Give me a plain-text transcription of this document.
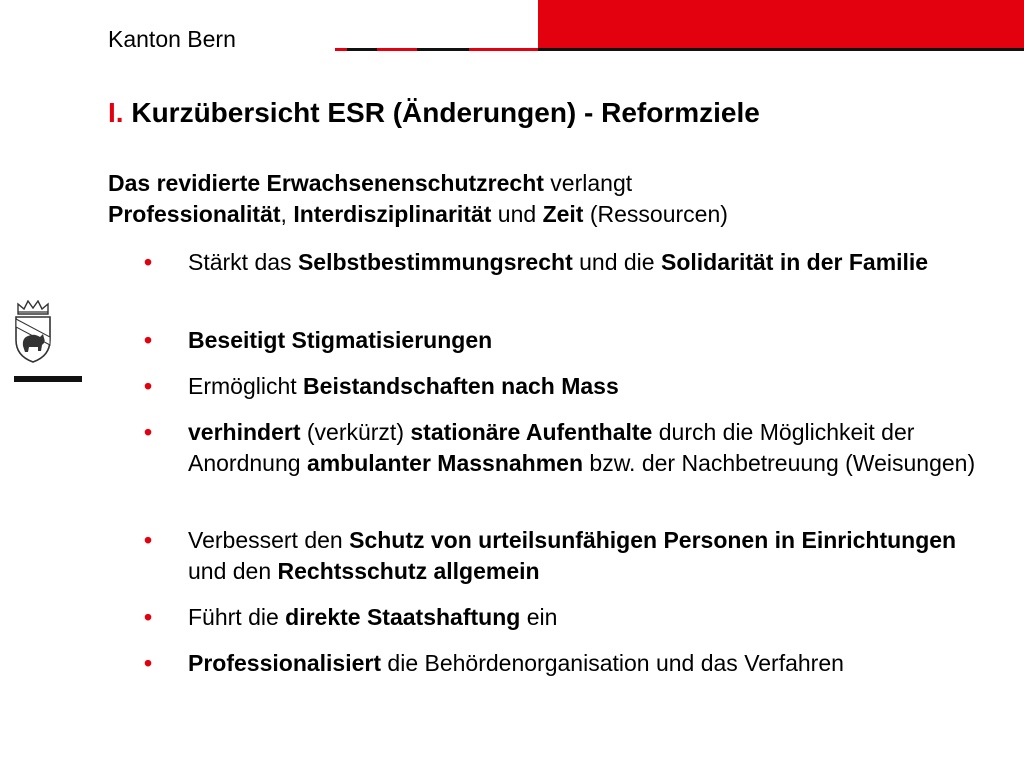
Kanton Bern
I. Kurzübersicht ESR (Änderungen) - Reformziele
Das revidierte Erwachsenenschutzrecht verlangt
Professionalität, Interdisziplinarität und Zeit (Ressourcen)
• Stärkt das Selbstbestimmungsrecht und die Solidarität in der Familie
• Beseitigt Stigmatisierungen
• Ermöglicht Beistandschaften nach Mass
• verhindert (verkürzt) stationäre Aufenthalte durch die Möglichkeit der Anordnung ambulanter Massnahmen bzw. der Nachbetreuung (Weisungen)
• Verbessert den Schutz von urteilsunfähigen Personen in Einrichtungen und den Rechtsschutz allgemein
• Führt die direkte Staatshaftung ein
• Professionalisiert die Behördenorganisation und das Verfahren
